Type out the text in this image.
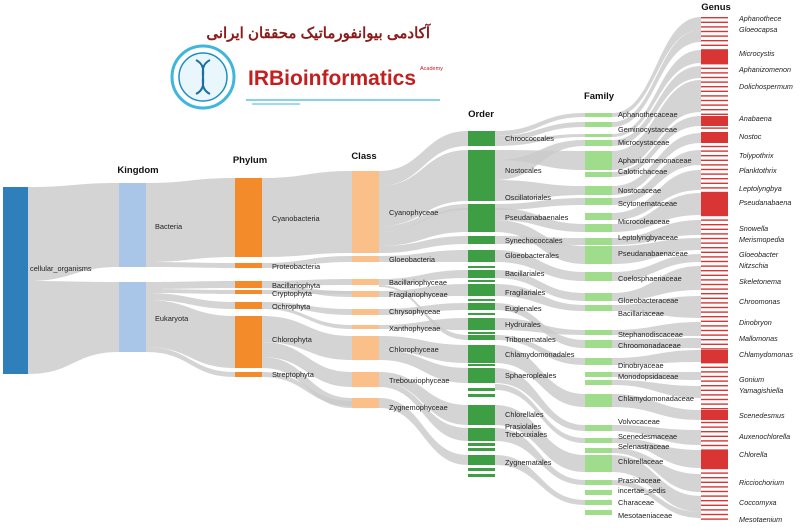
آکادمی بیوانفورماتیک محققان ایرانی
IRBioinformatics Academy
Kingdom
Phylum	Class
Order
Family
Genus
cellular_organisms
Bacteria
Eukaryota
Cyanobacteria
Proteobacteria
Bacillariophyta
Cryptophyta
Ochrophyta
Chlorophyta
Streptophyta
Cyanophyceae
Gloeobacteria
Bacillariophyceae
Fragilariophyceae
Chrysophyceae
Xanthophyceae
Chlorophyceae
Trebouxiophyceae
Zygnemophyceae
Chroococcales
Nostocales
Oscillatoriales
Pseudanabaenales
Synechococcales
Gloeobacterales
Bacillariales
Fragilariales
Euglenales
Hydrurales
Tribonematales
Chlamydomonadales
Sphaeropleales
Chlorellales
Prasiolales
Trebouxiales
Zygnematales
Aphanothecaceae
Geminocystaceae
Microcystaceae
Aphanizomenonaceae
Calotrichaceae
Nostocaceae
Scytonemataceae
Microcoleaceae
Leptolyngbyaceae
Pseudanabaenaceae
Coelosphaeriaceae
Gloeobacteraceae
Bacillariaceae
Stephanodiscaceae
Chroomonadaceae
Dinobryaceae
Monodopsidaceae
Chlamydomonadaceae
Volvocaceae
Scenedesmaceae
Selenastraceae
Chlorellaceae
Prasiolaceae
incertae_sedis
Characeae
Mesotaeniaceae
Aphanothece
Gloeocapsa
Microcystis
Aphanizomenon
Dolichospermum
Anabaena
Nostoc
Tolypothrix
Planktothrix
Leptolyngbya
Pseudanabaena
Snowella
Merismopedia
Gloeobacter
Nitzschia
Skeletonema
Chroomonas
Dinobryon
Mallomonas
Chlamydomonas
Gonium
Yamagishiella
Scenedesmus
Auxenochlorella
Chlorella
Ricciochorium
Coccomyxa
Mesotaenium
